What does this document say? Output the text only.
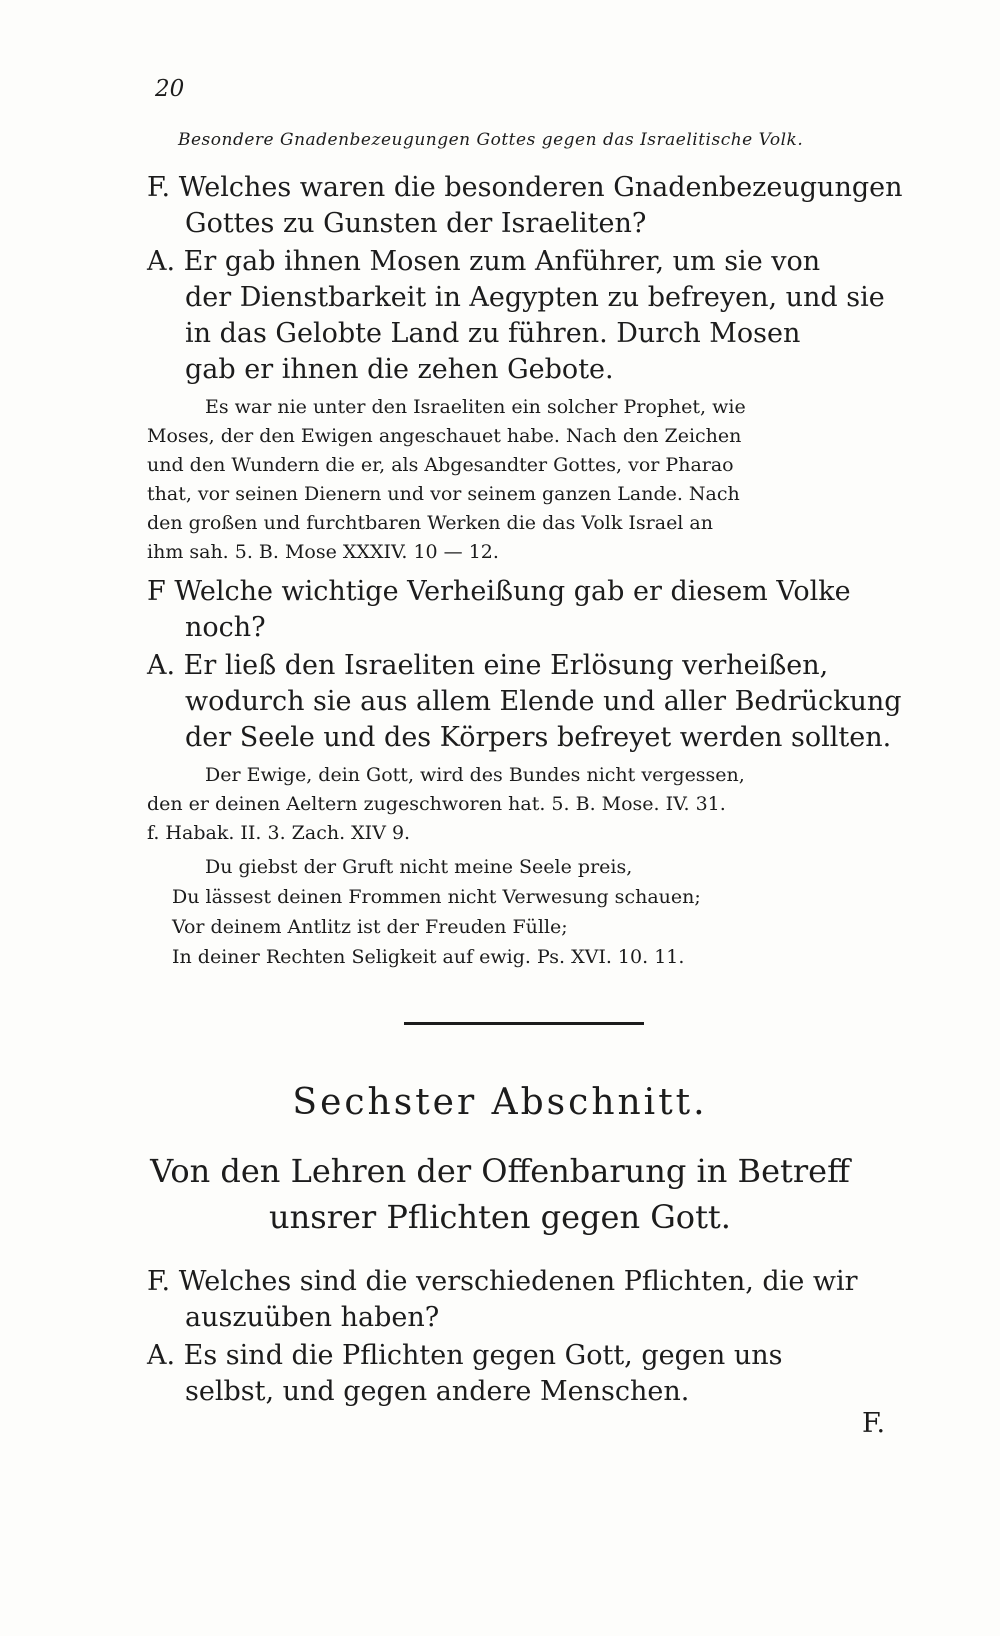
20
Besondere Gnadenbezeugungen Gottes gegen das Israelitische Volk.
F. Welches waren die besonderen Gnadenbezeugungen
Gottes zu Gunsten der Israeliten?
A. Er gab ihnen Mosen zum Anführer, um sie von
der Dienstbarkeit in Aegypten zu befreyen, und sie
in das Gelobte Land zu führen. Durch Mosen
gab er ihnen die zehen Gebote.
Es war nie unter den Israeliten ein solcher Prophet, wie
Moses, der den Ewigen angeschauet habe. Nach den Zeichen
und den Wundern die er, als Abgesandter Gottes, vor Pharao
that, vor seinen Dienern und vor seinem ganzen Lande. Nach
den großen und furchtbaren Werken die das Volk Israel an
ihm sah. 5. B. Mose XXXIV. 10 — 12.
F Welche wichtige Verheißung gab er diesem Volke
noch?
A. Er ließ den Israeliten eine Erlösung verheißen,
wodurch sie aus allem Elende und aller Bedrückung
der Seele und des Körpers befreyet werden sollten.
Der Ewige, dein Gott, wird des Bundes nicht vergessen,
den er deinen Aeltern zugeschworen hat. 5. B. Mose. IV. 31.
f. Habak. II. 3. Zach. XIV 9.
Du giebst der Gruft nicht meine Seele preis,
Du lässest deinen Frommen nicht Verwesung schauen;
Vor deinem Antlitz ist der Freuden Fülle;
In deiner Rechten Seligkeit auf ewig. Ps. XVI. 10. 11.
Sechster Abschnitt.
Von den Lehren der Offenbarung in Betreff
unsrer Pflichten gegen Gott.
F. Welches sind die verschiedenen Pflichten, die wir
auszuüben haben?
A. Es sind die Pflichten gegen Gott, gegen uns
selbst, und gegen andere Menschen.
F.
